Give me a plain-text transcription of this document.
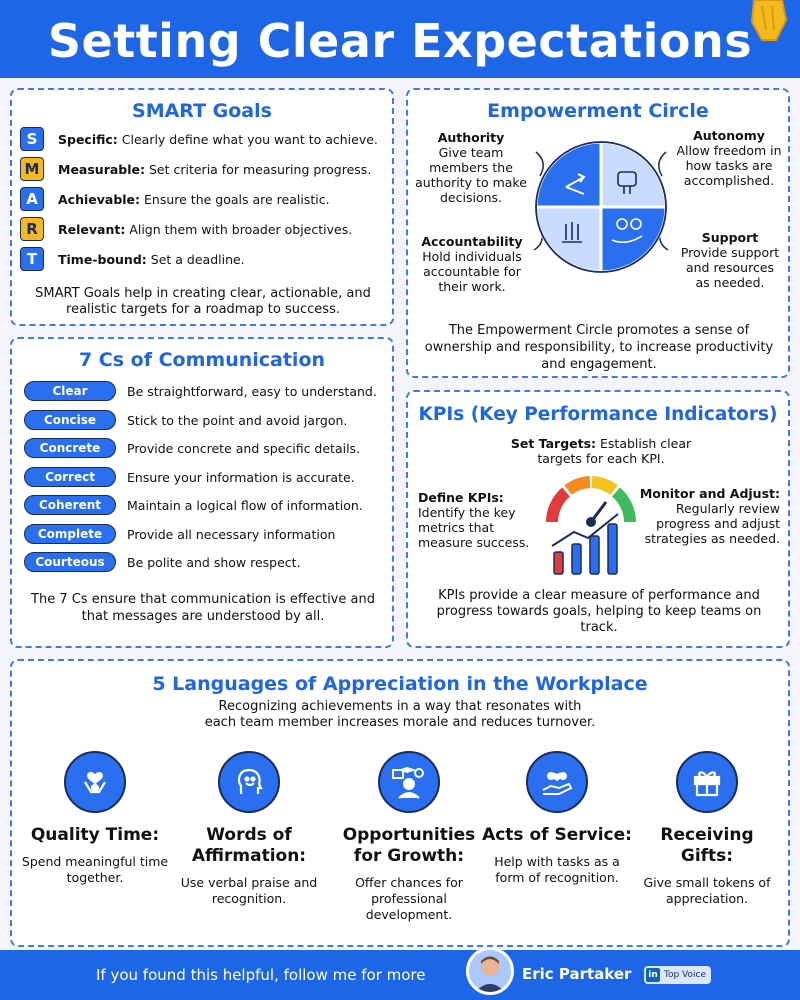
Setting Clear Expectations
SMART Goals
S	Specific: Clearly define what you want to achieve.
M	Measurable: Set criteria for measuring progress.
A	Achievable: Ensure the goals are realistic.
R	Relevant: Align them with broader objectives.
T	Time-bound: Set a deadline.
SMART Goals help in creating clear, actionable, and realistic targets for a roadmap to success.
Empowerment Circle
Authority
Give team members the authority to make decisions.
Autonomy
Allow freedom in how tasks are accomplished.
Accountability
Hold individuals accountable for their work.
Support
Provide support and resources as needed.
The Empowerment Circle promotes a sense of ownership and responsibility, to increase productivity and engagement.
7 Cs of Communication
Clear	Be straightforward, easy to understand.
Concise	Stick to the point and avoid jargon.
Concrete	Provide concrete and specific details.
Correct	Ensure your information is accurate.
Coherent	Maintain a logical flow of information.
Complete	Provide all necessary information
Courteous	Be polite and show respect.
The 7 Cs ensure that communication is effective and that messages are understood by all.
KPIs (Key Performance Indicators)
Set Targets: Establish clear targets for each KPI.
Define KPIs:
Identify the key metrics that measure success.
Monitor and Adjust:
Regularly review progress and adjust strategies as needed.
KPIs provide a clear measure of performance and progress towards goals, helping to keep teams on track.
5 Languages of Appreciation in the Workplace
Recognizing achievements in a way that resonates with each team member increases morale and reduces turnover.
Quality Time:
Spend meaningful time together.
Words of Affirmation:
Use verbal praise and recognition.
Opportunities for Growth:
Offer chances for professional development.
Acts of Service:
Help with tasks as a form of recognition.
Receiving Gifts:
Give small tokens of appreciation.
If you found this helpful, follow me for more	Eric Partaker in Top Voice
